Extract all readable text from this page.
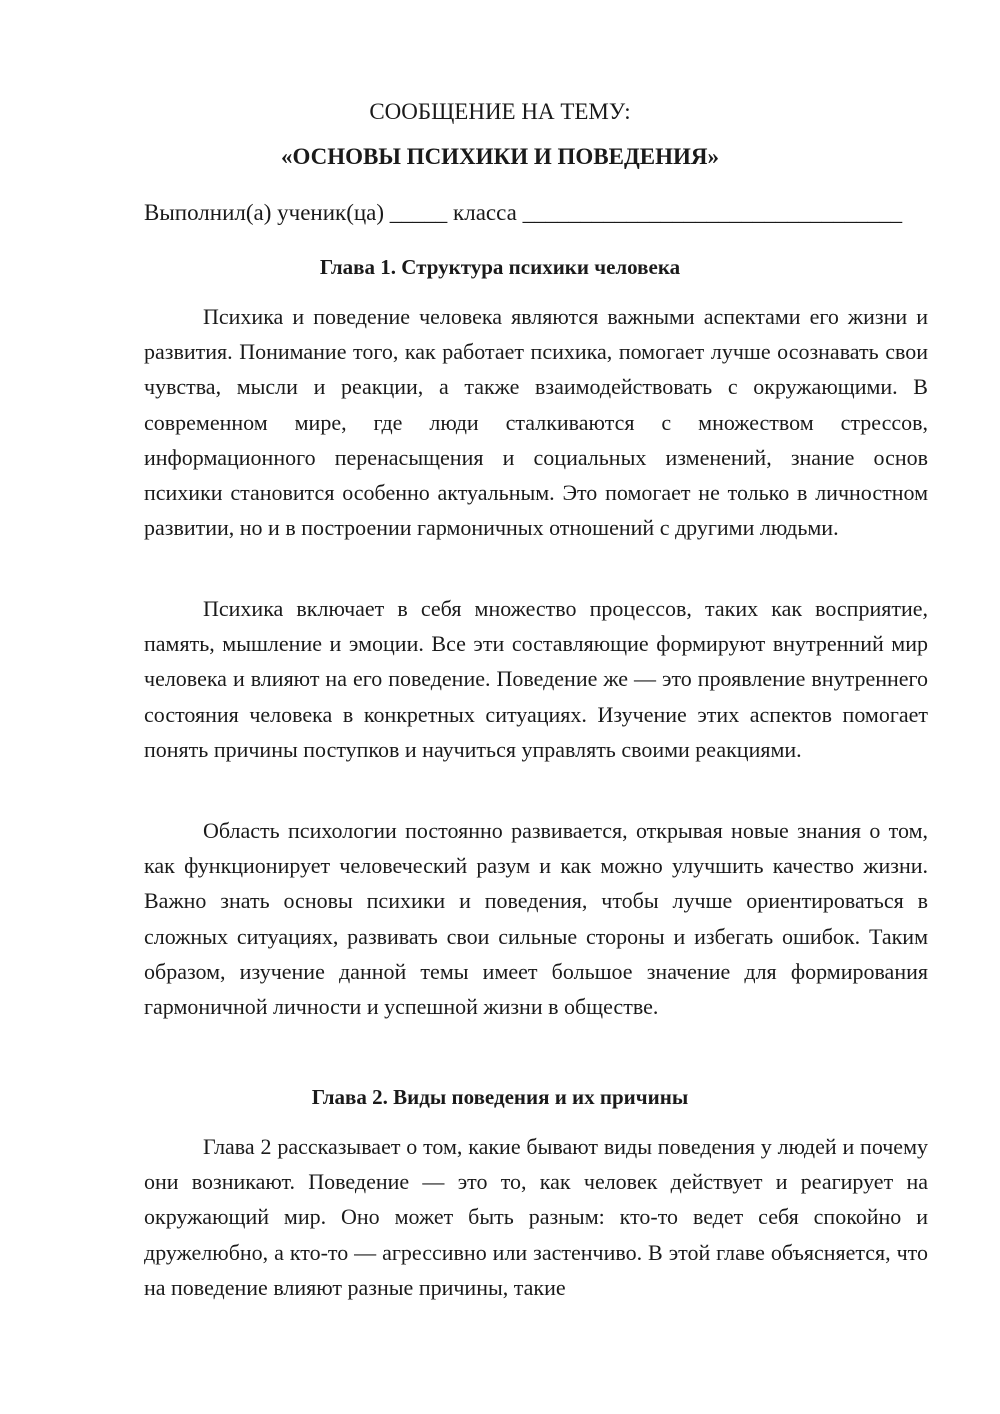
СООБЩЕНИЕ НА ТЕМУ:
«ОСНОВЫ ПСИХИКИ И ПОВЕДЕНИЯ»
Выполнил(а) ученик(ца) _____ класса _________________________________
Глава 1. Структура психики человека

Психика и поведение человека являются важными аспектами его жизни и развития. Понимание того, как работает психика, помогает лучше осознавать свои чувства, мысли и реакции, а также взаимодействовать с окружающими. В современном мире, где люди сталкиваются с множеством стрессов, информационного перенасыщения и социальных изменений, знание основ психики становится особенно актуальным. Это помогает не только в личностном развитии, но и в построении гармоничных отношений с другими людьми.

Психика включает в себя множество процессов, таких как восприятие, память, мышление и эмоции. Все эти составляющие формируют внутренний мир человека и влияют на его поведение. Поведение же — это проявление внутреннего состояния человека в конкретных ситуациях. Изучение этих аспектов помогает понять причины поступков и научиться управлять своими реакциями.

Область психологии постоянно развивается, открывая новые знания о том, как функционирует человеческий разум и как можно улучшить качество жизни. Важно знать основы психики и поведения, чтобы лучше ориентироваться в сложных ситуациях, развивать свои сильные стороны и избегать ошибок. Таким образом, изучение данной темы имеет большое значение для формирования гармоничной личности и успешной жизни в обществе.

Глава 2. Виды поведения и их причины

Глава 2 рассказывает о том, какие бывают виды поведения у людей и почему они возникают. Поведение — это то, как человек действует и реагирует на окружающий мир. Оно может быть разным: кто-то ведет себя спокойно и дружелюбно, а кто-то — агрессивно или застенчиво. В этой главе объясняется, что на поведение влияют разные причины, такие
